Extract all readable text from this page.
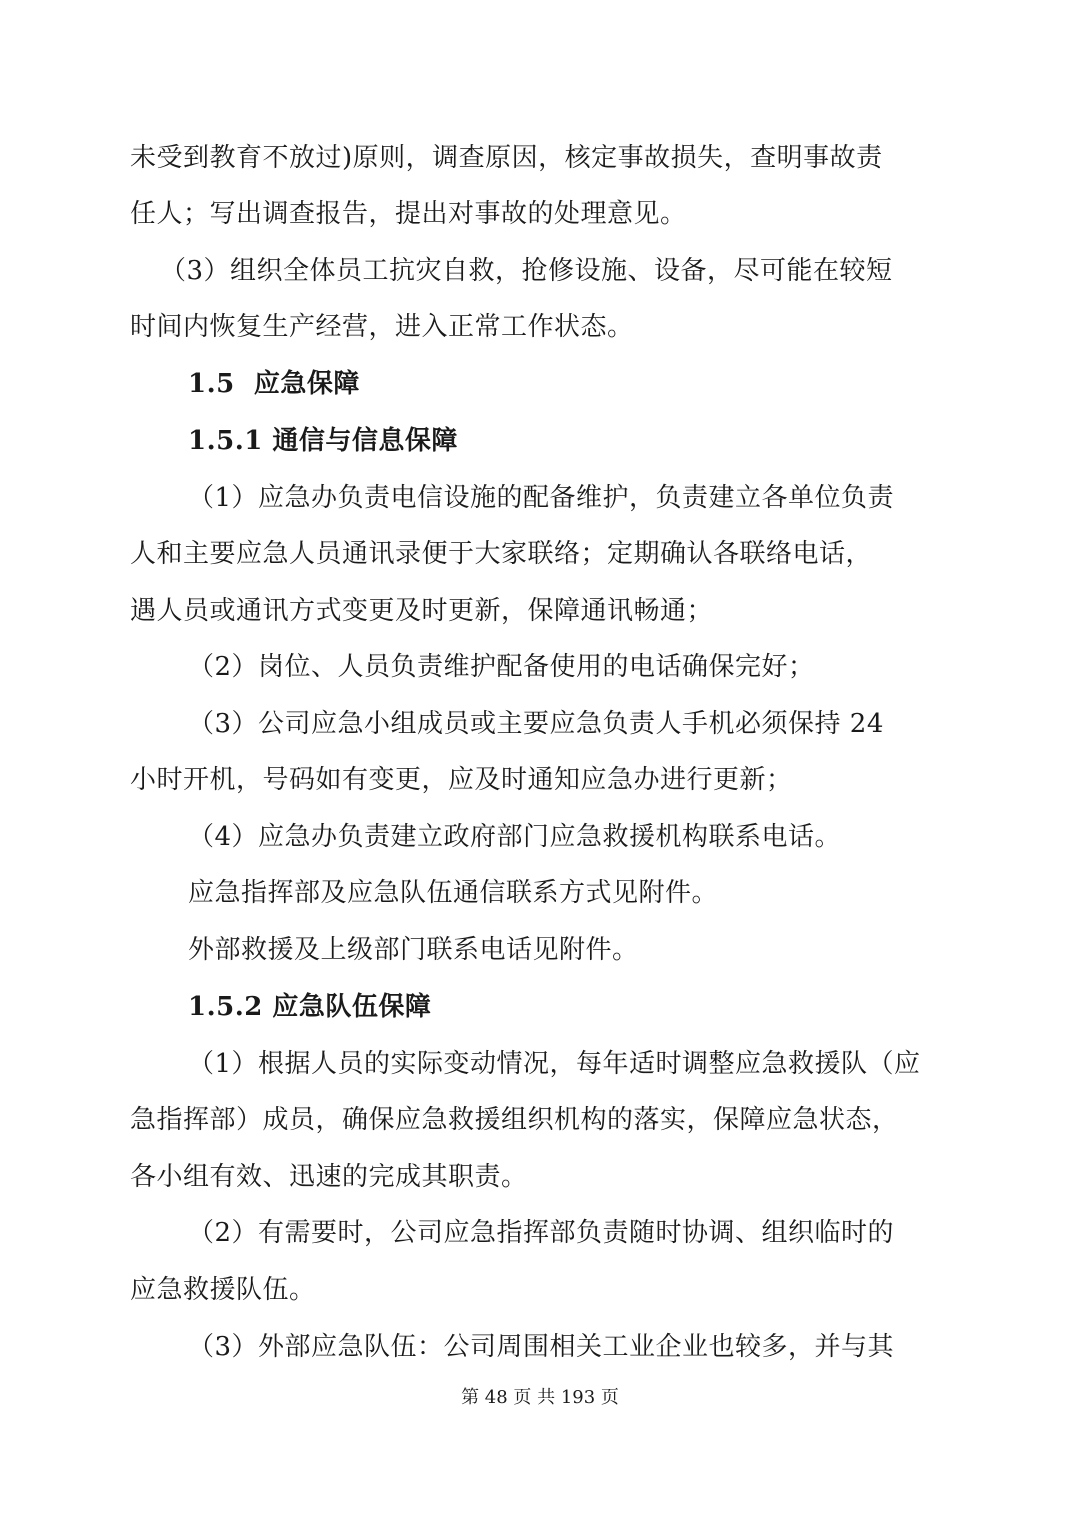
未受到教育不放过)原则，调查原因，核定事故损失，查明事故责
任人；写出调查报告，提出对事故的处理意见。
（3）组织全体员工抗灾自救，抢修设施、设备，尽可能在较短
时间内恢复生产经营，进入正常工作状态。
1.5  应急保障
1.5.1 通信与信息保障
（1）应急办负责电信设施的配备维护，负责建立各单位负责
人和主要应急人员通讯录便于大家联络；定期确认各联络电话，
遇人员或通讯方式变更及时更新，保障通讯畅通；
（2）岗位、人员负责维护配备使用的电话确保完好；
（3）公司应急小组成员或主要应急负责人手机必须保持 24
小时开机，号码如有变更，应及时通知应急办进行更新；
（4）应急办负责建立政府部门应急救援机构联系电话。
应急指挥部及应急队伍通信联系方式见附件。
外部救援及上级部门联系电话见附件。
1.5.2 应急队伍保障
（1）根据人员的实际变动情况，每年适时调整应急救援队（应
急指挥部）成员，确保应急救援组织机构的落实，保障应急状态，
各小组有效、迅速的完成其职责。
（2）有需要时，公司应急指挥部负责随时协调、组织临时的
应急救援队伍。
（3）外部应急队伍：公司周围相关工业企业也较多，并与其
第 48 页 共 193 页
